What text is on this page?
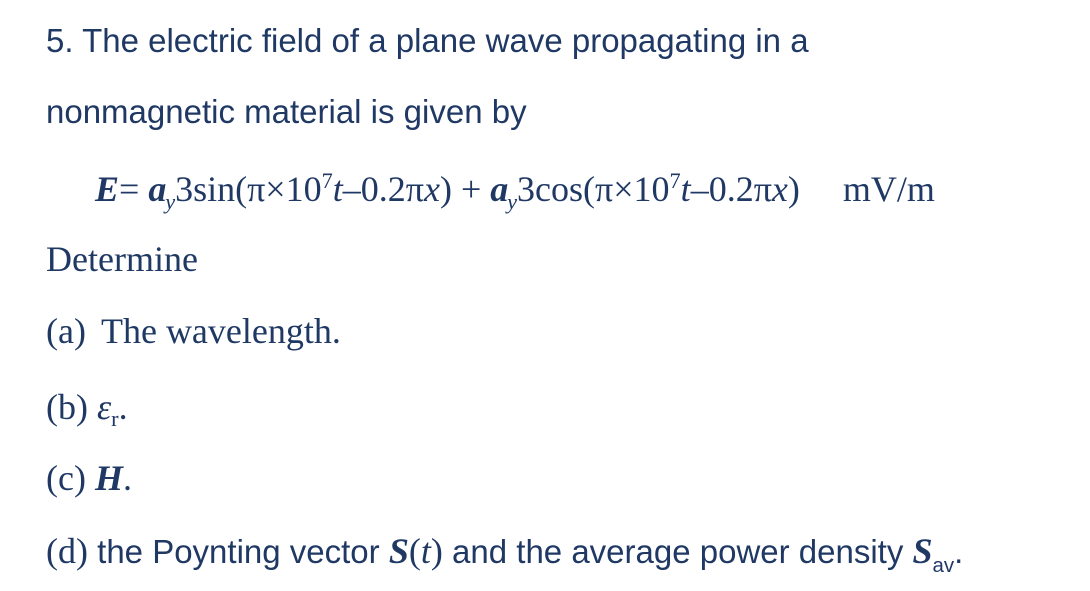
5. The electric field of a plane wave propagating in a
nonmagnetic material is given by
$E= a_y3\sin(\pi\times 10^7t-0.2\pi x) + a_y3\cos(\pi\times 10^7t-0.2\pi x)$ mV/m
Determine
(a) The wavelength.
(b) εr.
(c) H.
(d) the Poynting vector S(t) and the average power density $S_{av}$.
